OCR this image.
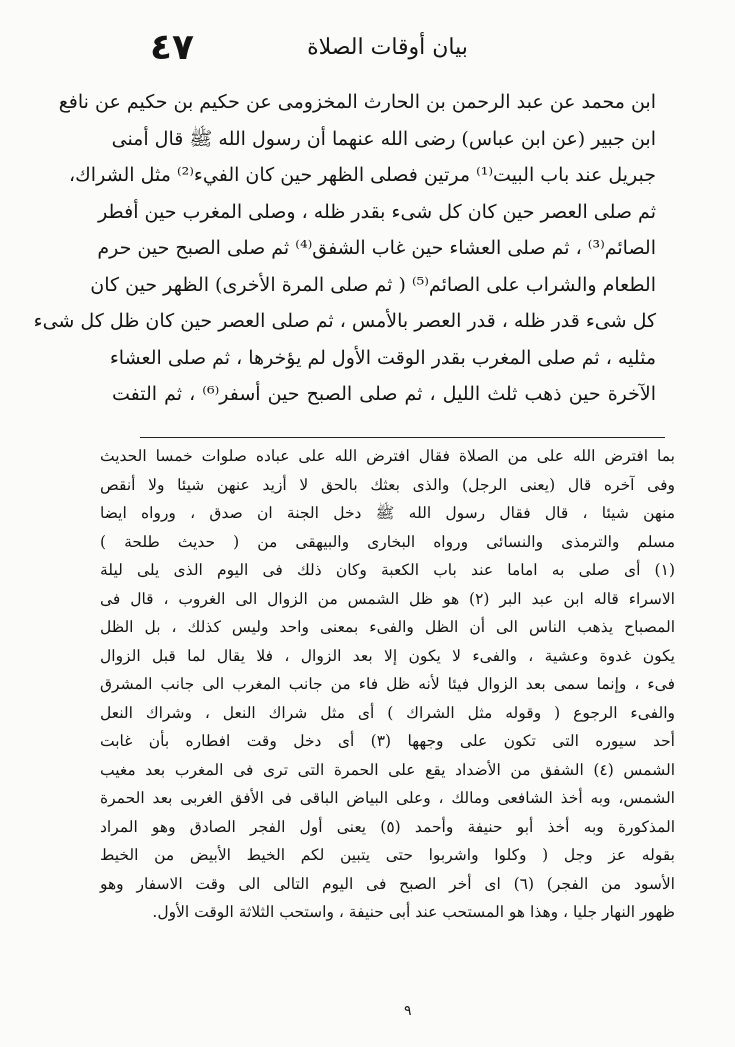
٤٧	بيان أوقات الصلاة
ابن محمد عن عبد الرحمن بن الحارث المخزومى عن حكيم بن حكيم عن نافع
ابن جبير (عن ابن عباس) رضى الله عنهما أن رسول الله ﷺ قال أمنى
جبريل عند باب البيت⁽¹⁾ مرتين فصلى الظهر حين كان الفيء⁽²⁾ مثل الشراك،
ثم صلى العصر حين كان كل شىء بقدر ظله ، وصلى المغرب حين أفطر
الصائم⁽³⁾ ، ثم صلى العشاء حين غاب الشفق⁽⁴⁾ ثم صلى الصبح حين حرم
الطعام والشراب على الصائم⁽⁵⁾ ( ثم صلى المرة الأخرى) الظهر حين كان
كل شىء قدر ظله ، قدر العصر بالأمس ، ثم صلى العصر حين كان ظل كل شىء
مثليه ، ثم صلى المغرب بقدر الوقت الأول لم يؤخرها ، ثم صلى العشاء
الآخرة حين ذهب ثلث الليل ، ثم صلى الصبح حين أسفر⁽⁶⁾ ، ثم التفت
بما افترض الله على من الصلاة فقال افترض الله على عباده صلوات خمسا الحديث
وفى آخره قال (يعنى الرجل) والذى بعثك بالحق لا أزيد عنهن شيئا ولا أنقص
منهن شيئا ، قال فقال رسول الله ﷺ دخل الجنة ان صدق ، ورواه ايضا
مسلم والترمذى والنسائى ورواه البخارى والبيهقى من ( حديث طلحة )
(١) أى صلى به اماما عند باب الكعبة وكان ذلك فى اليوم الذى يلى ليلة
الاسراء قاله ابن عبد البر (٢) هو ظل الشمس من الزوال الى الغروب ، قال فى
المصباح يذهب الناس الى أن الظل والفىء بمعنى واحد وليس كذلك ، بل الظل
يكون غدوة وعشية ، والفىء لا يكون إلا بعد الزوال ، فلا يقال لما قبل الزوال
فىء ، وإنما سمى بعد الزوال فيئا لأنه ظل فاء من جانب المغرب الى جانب المشرق
والفىء الرجوع ( وقوله مثل الشراك ) أى مثل شراك النعل ، وشراك النعل
أحد سيوره التى تكون على وجهها (٣) أى دخل وقت افطاره بأن غابت
الشمس (٤) الشفق من الأضداد يقع على الحمرة التى ترى فى المغرب بعد مغيب
الشمس، وبه أخذ الشافعى ومالك ، وعلى البياض الباقى فى الأفق الغربى بعد الحمرة
المذكورة وبه أخذ أبو حنيفة وأحمد (٥) يعنى أول الفجر الصادق وهو المراد
بقوله عز وجل ( وكلوا واشربوا حتى يتبين لكم الخيط الأبيض من الخيط
الأسود من الفجر) (٦) اى أخر الصبح فى اليوم التالى الى وقت الاسفار وهو
ظهور النهار جليا ، وهذا هو المستحب عند أبى حنيفة ، واستحب الثلاثة الوقت الأول.
٩
